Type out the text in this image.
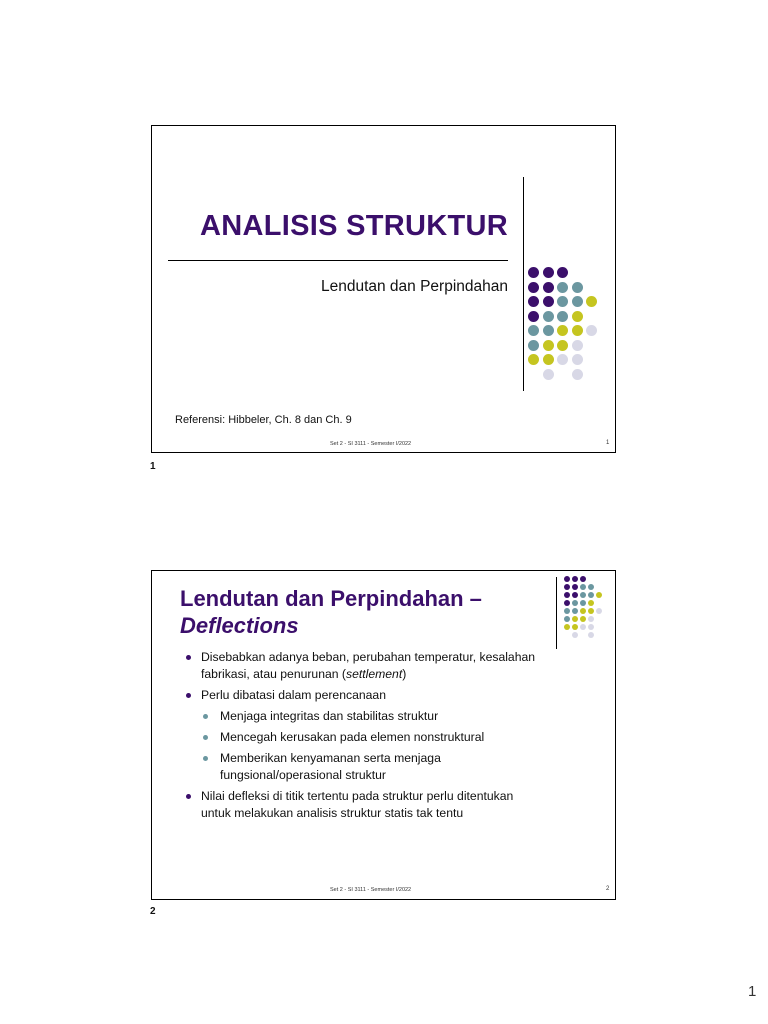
ANALISIS STRUKTUR
Lendutan dan Perpindahan
Referensi: Hibbeler, Ch. 8 dan Ch. 9
Set 2 - SI 3111 - Semester I/2022	1
1
Lendutan dan Perpindahan –
Deflections
Disebabkan adanya beban, perubahan temperatur, kesalahan fabrikasi, atau penurunan (settlement)
Perlu dibatasi dalam perencanaan
Menjaga integritas dan stabilitas struktur
Mencegah kerusakan pada elemen nonstruktural
Memberikan kenyamanan serta menjaga fungsional/operasional struktur
Nilai defleksi di titik tertentu pada struktur perlu ditentukan untuk melakukan analisis struktur statis tak tentu
Set 2 - SI 3111 - Semester I/2022	2
2
1
